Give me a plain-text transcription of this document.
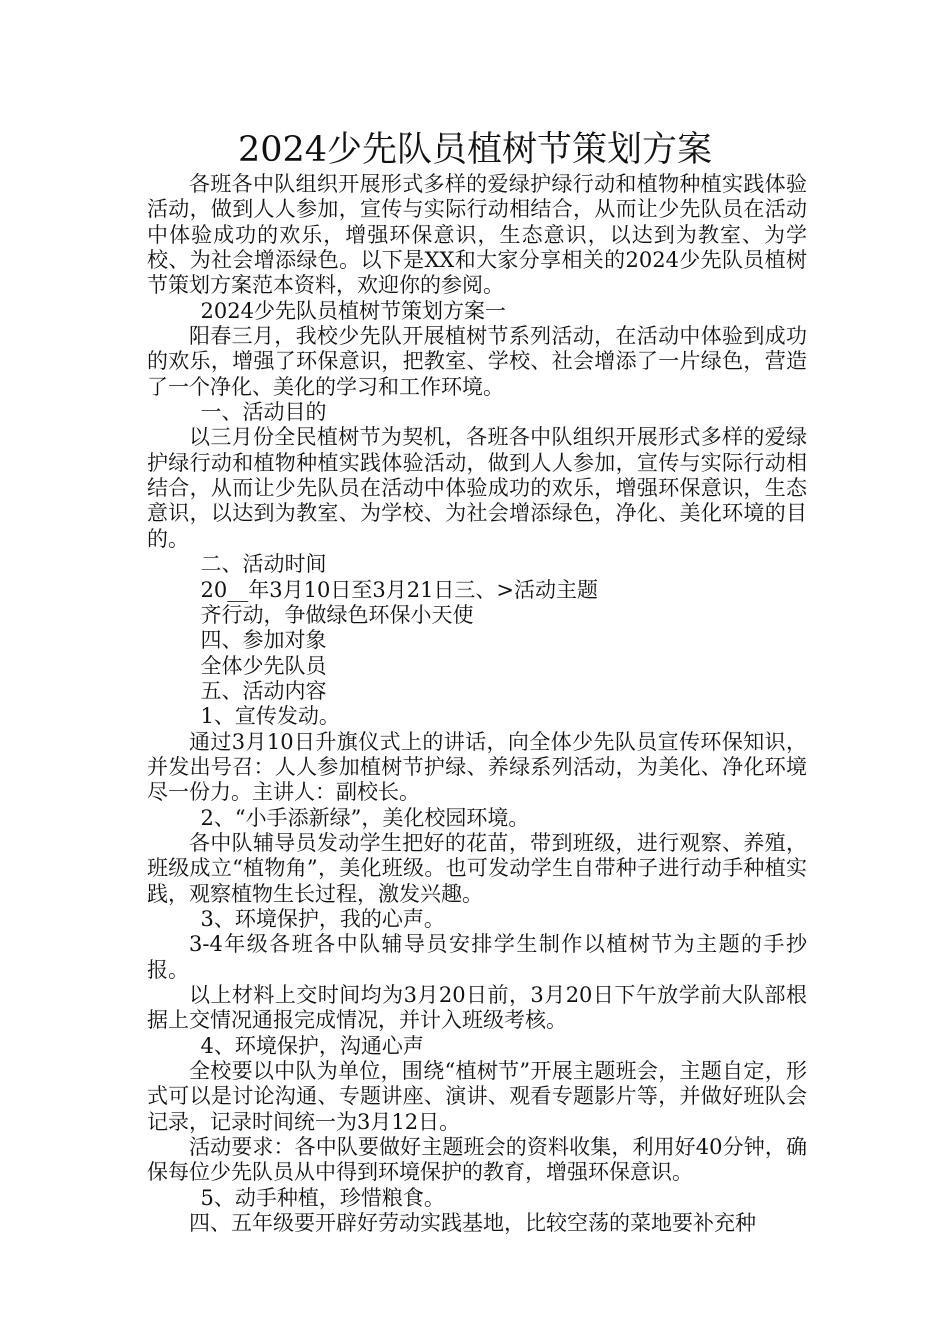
2024少先队员植树节策划方案

各班各中队组织开展形式多样的爱绿护绿行动和植物种植实践体验活动，做到人人参加，宣传与实际行动相结合，从而让少先队员在活动中体验成功的欢乐，增强环保意识，生态意识，以达到为教室、为学校、为社会增添绿色。以下是XX和大家分享相关的2024少先队员植树节策划方案范本资料，欢迎你的参阅。

2024少先队员植树节策划方案一

阳春三月，我校少先队开展植树节系列活动，在活动中体验到成功的欢乐，增强了环保意识，把教室、学校、社会增添了一片绿色，营造了一个净化、美化的学习和工作环境。

一、活动目的

以三月份全民植树节为契机，各班各中队组织开展形式多样的爱绿护绿行动和植物种植实践体验活动，做到人人参加，宣传与实际行动相结合，从而让少先队员在活动中体验成功的欢乐，增强环保意识，生态意识，以达到为教室、为学校、为社会增添绿色，净化、美化环境的目的。

二、活动时间

20__年3月10日至3月21日三、>活动主题

齐行动，争做绿色环保小天使

四、参加对象

全体少先队员

五、活动内容

1、宣传发动。

通过3月10日升旗仪式上的讲话，向全体少先队员宣传环保知识，并发出号召：人人参加植树节护绿、养绿系列活动，为美化、净化环境尽一份力。主讲人：副校长。

2、“小手添新绿”，美化校园环境。

各中队辅导员发动学生把好的花苗，带到班级，进行观察、养殖，班级成立“植物角”，美化班级。也可发动学生自带种子进行动手种植实践，观察植物生长过程，激发兴趣。

3、环境保护，我的心声。

3-4年级各班各中队辅导员安排学生制作以植树节为主题的手抄报。

以上材料上交时间均为3月20日前，3月20日下午放学前大队部根据上交情况通报完成情况，并计入班级考核。

4、环境保护，沟通心声

全校要以中队为单位，围绕“植树节”开展主题班会，主题自定，形式可以是讨论沟通、专题讲座、演讲、观看专题影片等，并做好班队会记录，记录时间统一为3月12日。

活动要求：各中队要做好主题班会的资料收集，利用好40分钟，确保每位少先队员从中得到环境保护的教育，增强环保意识。

5、动手种植，珍惜粮食。

四、五年级要开辟好劳动实践基地，比较空荡的菜地要补充种
